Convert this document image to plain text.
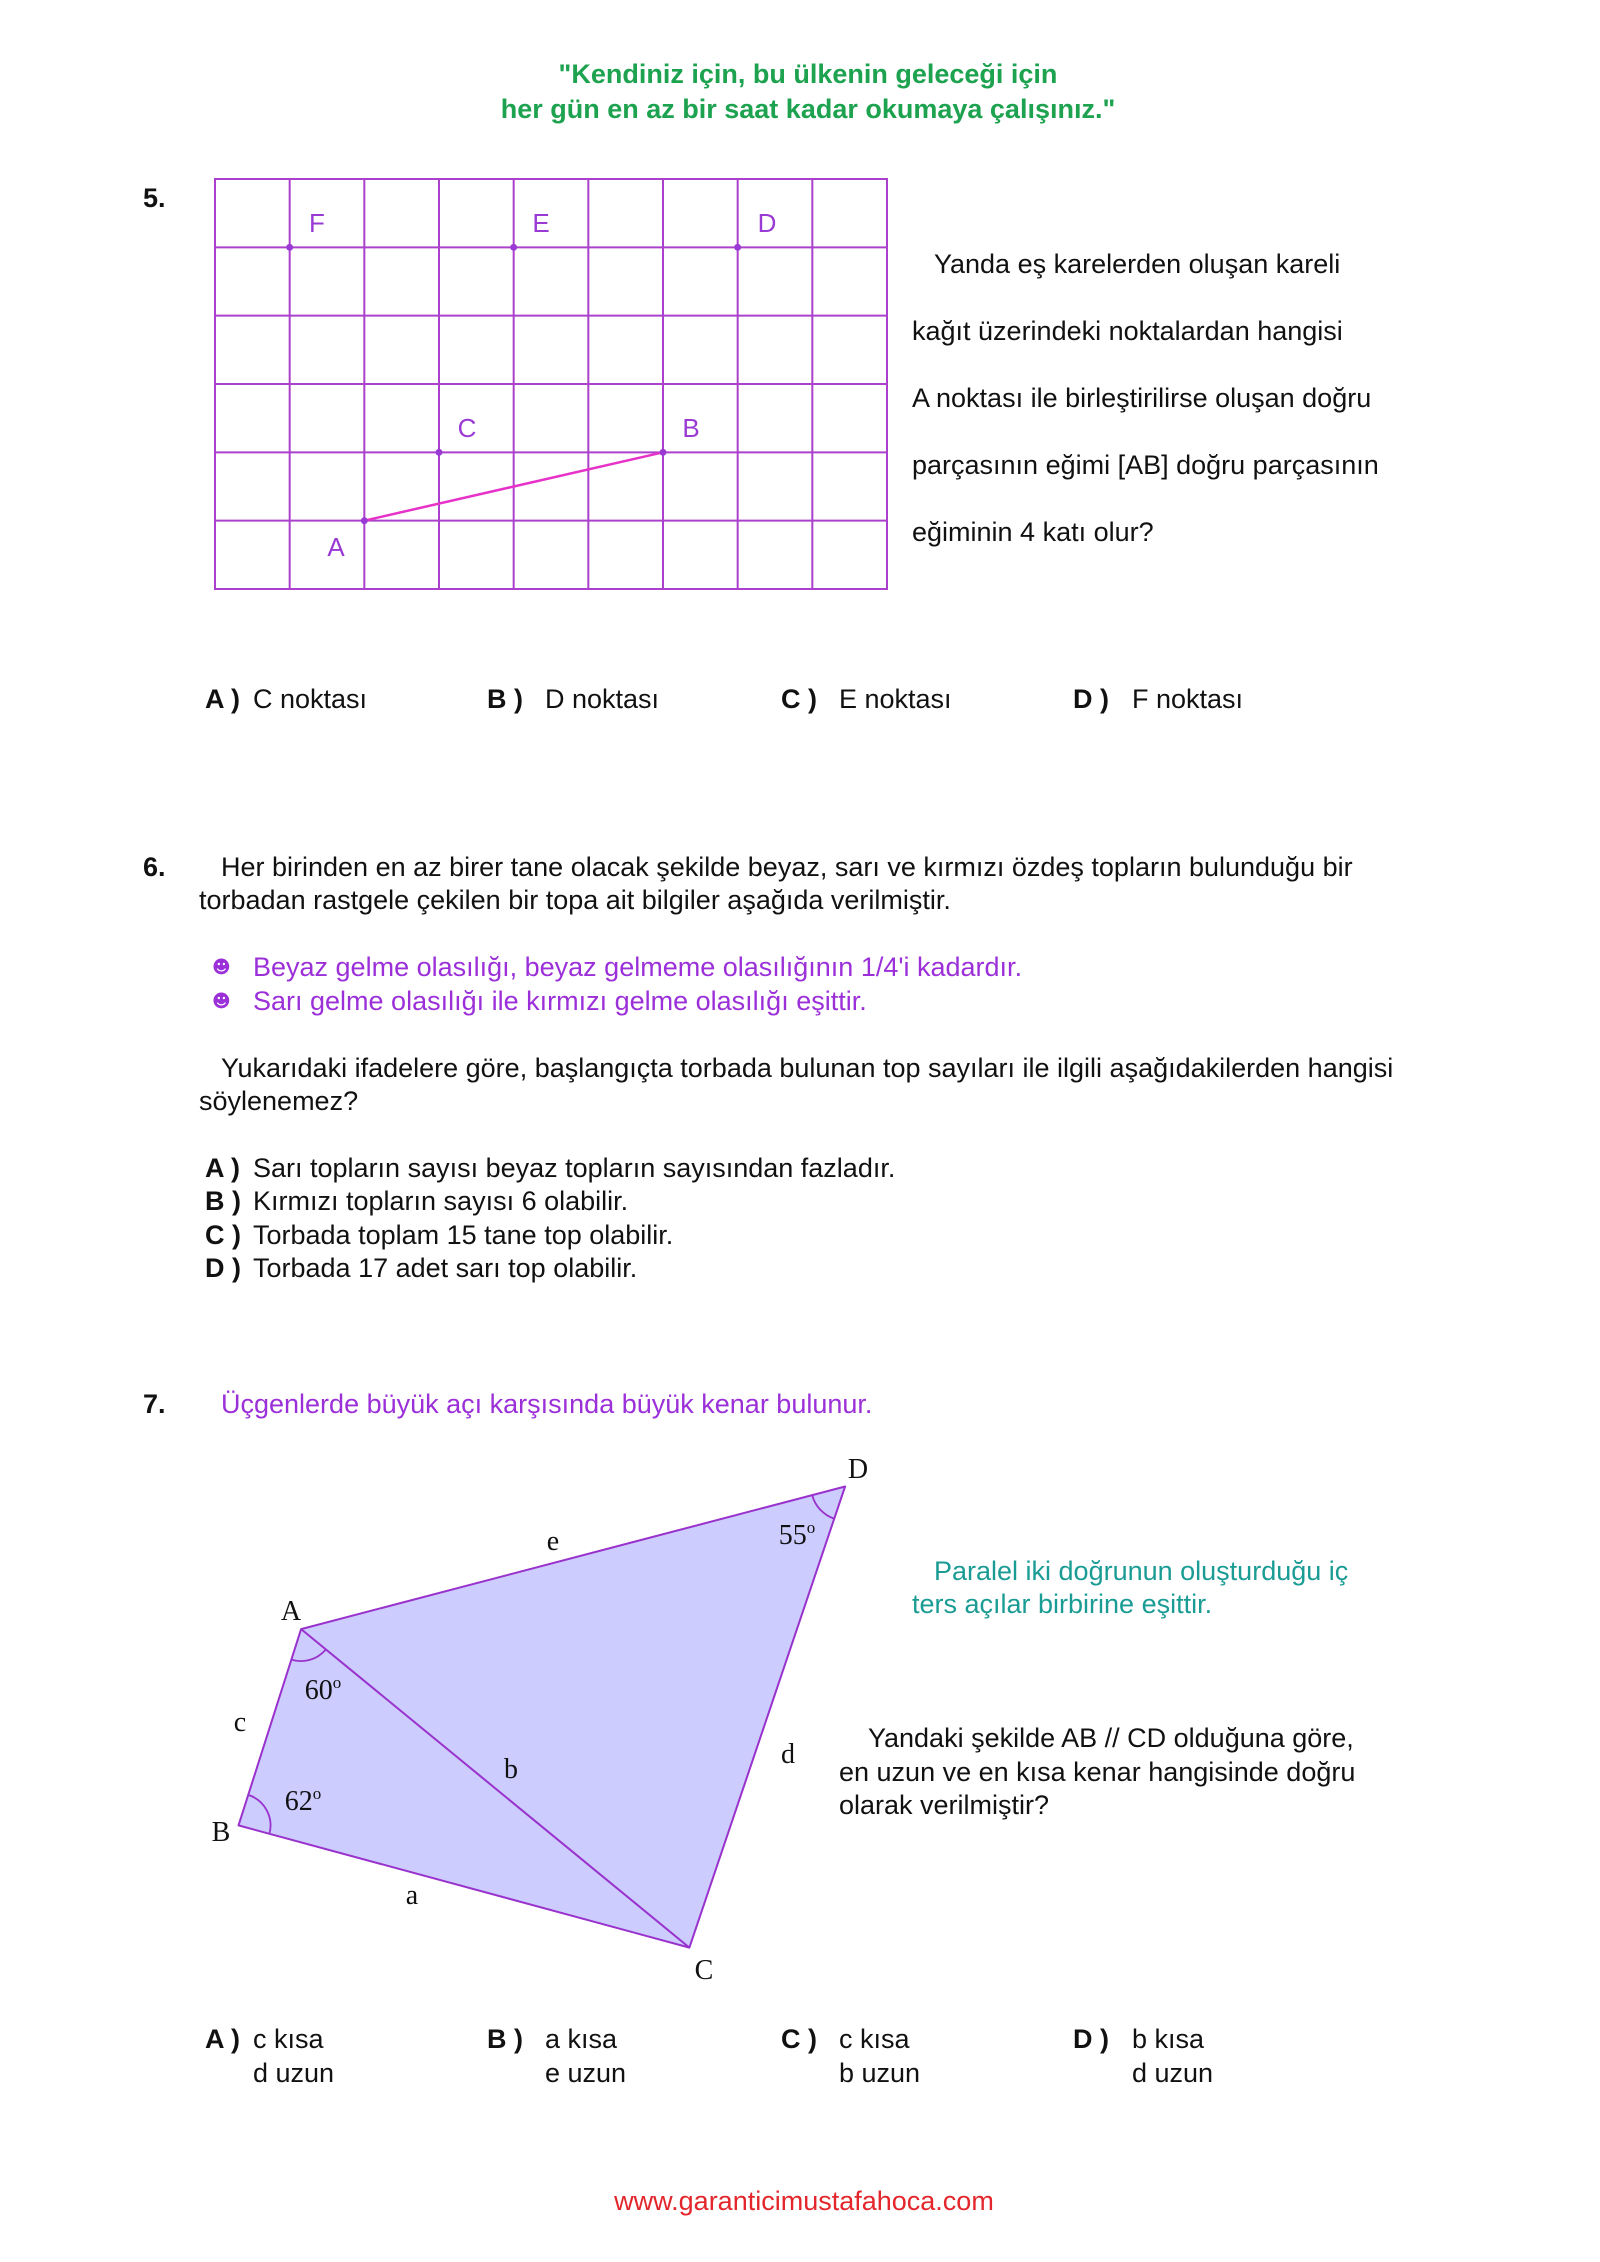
"Kendiniz için, bu ülkenin geleceği için
her gün en az bir saat kadar okumaya çalışınız."
5.
F	E	D
C	B
A
Yanda eş karelerden oluşan kareli
kağıt üzerindeki noktalardan hangisi
A noktası ile birleştirilirse oluşan doğru
parçasının eğimi [AB] doğru parçasının
eğiminin 4 katı olur?
A ) C noktası	B ) D noktası	C ) E noktası	D ) F noktası
6. Her birinden en az birer tane olacak şekilde beyaz, sarı ve kırmızı özdeş topların bulunduğu bir
torbadan rastgele çekilen bir topa ait bilgiler aşağıda verilmiştir.
☻ Beyaz gelme olasılığı, beyaz gelmeme olasılığının 1/4'i kadardır.
☻ Sarı gelme olasılığı ile kırmızı gelme olasılığı eşittir.
Yukarıdaki ifadelere göre, başlangıçta torbada bulunan top sayıları ile ilgili aşağıdakilerden hangisi
söylenemez?
A ) Sarı topların sayısı beyaz topların sayısından fazladır.
B ) Kırmızı topların sayısı 6 olabilir.
C ) Torbada toplam 15 tane top olabilir.
D ) Torbada 17 adet sarı top olabilir.
7. Üçgenlerde büyük açı karşısında büyük kenar bulunur.
A
B
C
D
a
b
c
d
e	55$^o$
60$^o$
62$^o$
Paralel iki doğrunun oluşturduğu iç
ters açılar birbirine eşittir.
Yandaki şekilde AB // CD olduğuna göre,
en uzun ve en kısa kenar hangisinde doğru
olarak verilmiştir?
A ) c kısa
d uzun
B ) a kısa
e uzun
C ) c kısa
b uzun
D ) b kısa
d uzun
www.garanticimustafahoca.com
